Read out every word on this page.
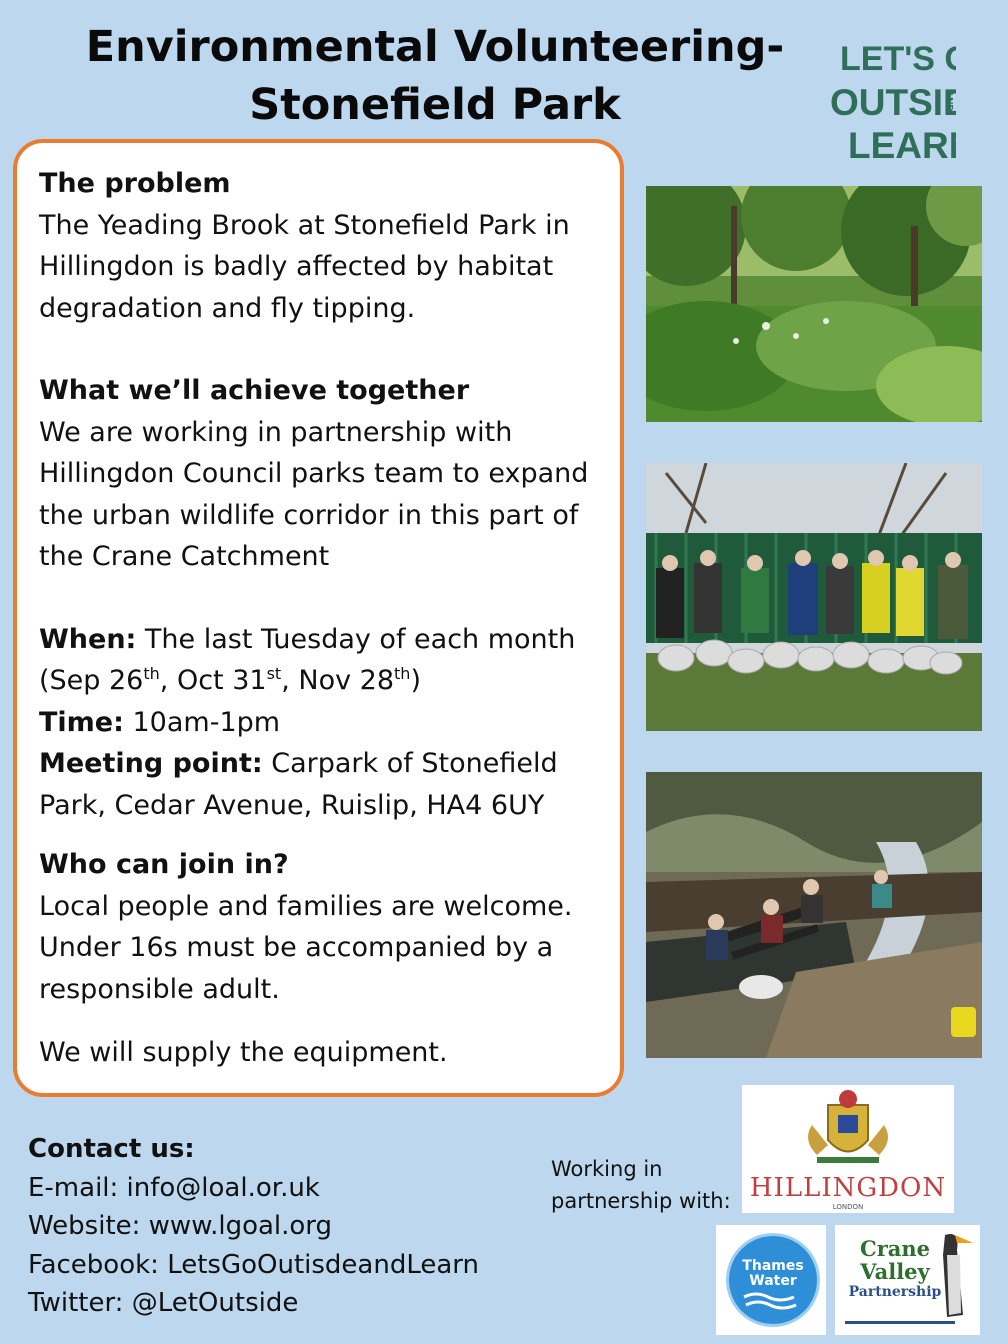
Environmental Volunteering-
Stonefield Park
LET'S
OUTSI
LEAR
AND
The problem

The Yeading Brook at Stonefield Park in Hillingdon is badly affected by habitat degradation and fly tipping.

What we’ll achieve together

We are working in partnership with Hillingdon Council parks team to expand the urban wildlife corridor in this part of the Crane Catchment

When: The last Tuesday of each month

(Sep 26th, Oct 31st, Nov 28th)

Time: 10am-1pm

Meeting point: Carpark of Stonefield Park, Cedar Avenue, Ruislip, HA4 6UY

Who can join in?

Local people and families are welcome. Under 16s must be accompanied by a responsible adult.

We will supply the equipment.

Contact us:

E-mail: info@loal.or.uk

Website: www.lgoal.org

Facebook: LetsGoOutisdeandLearn

Twitter: @LetOutside

Working in partnership with: HILLINGDON
LONDON
Thames
Water
Crane
Valley
Partnership
